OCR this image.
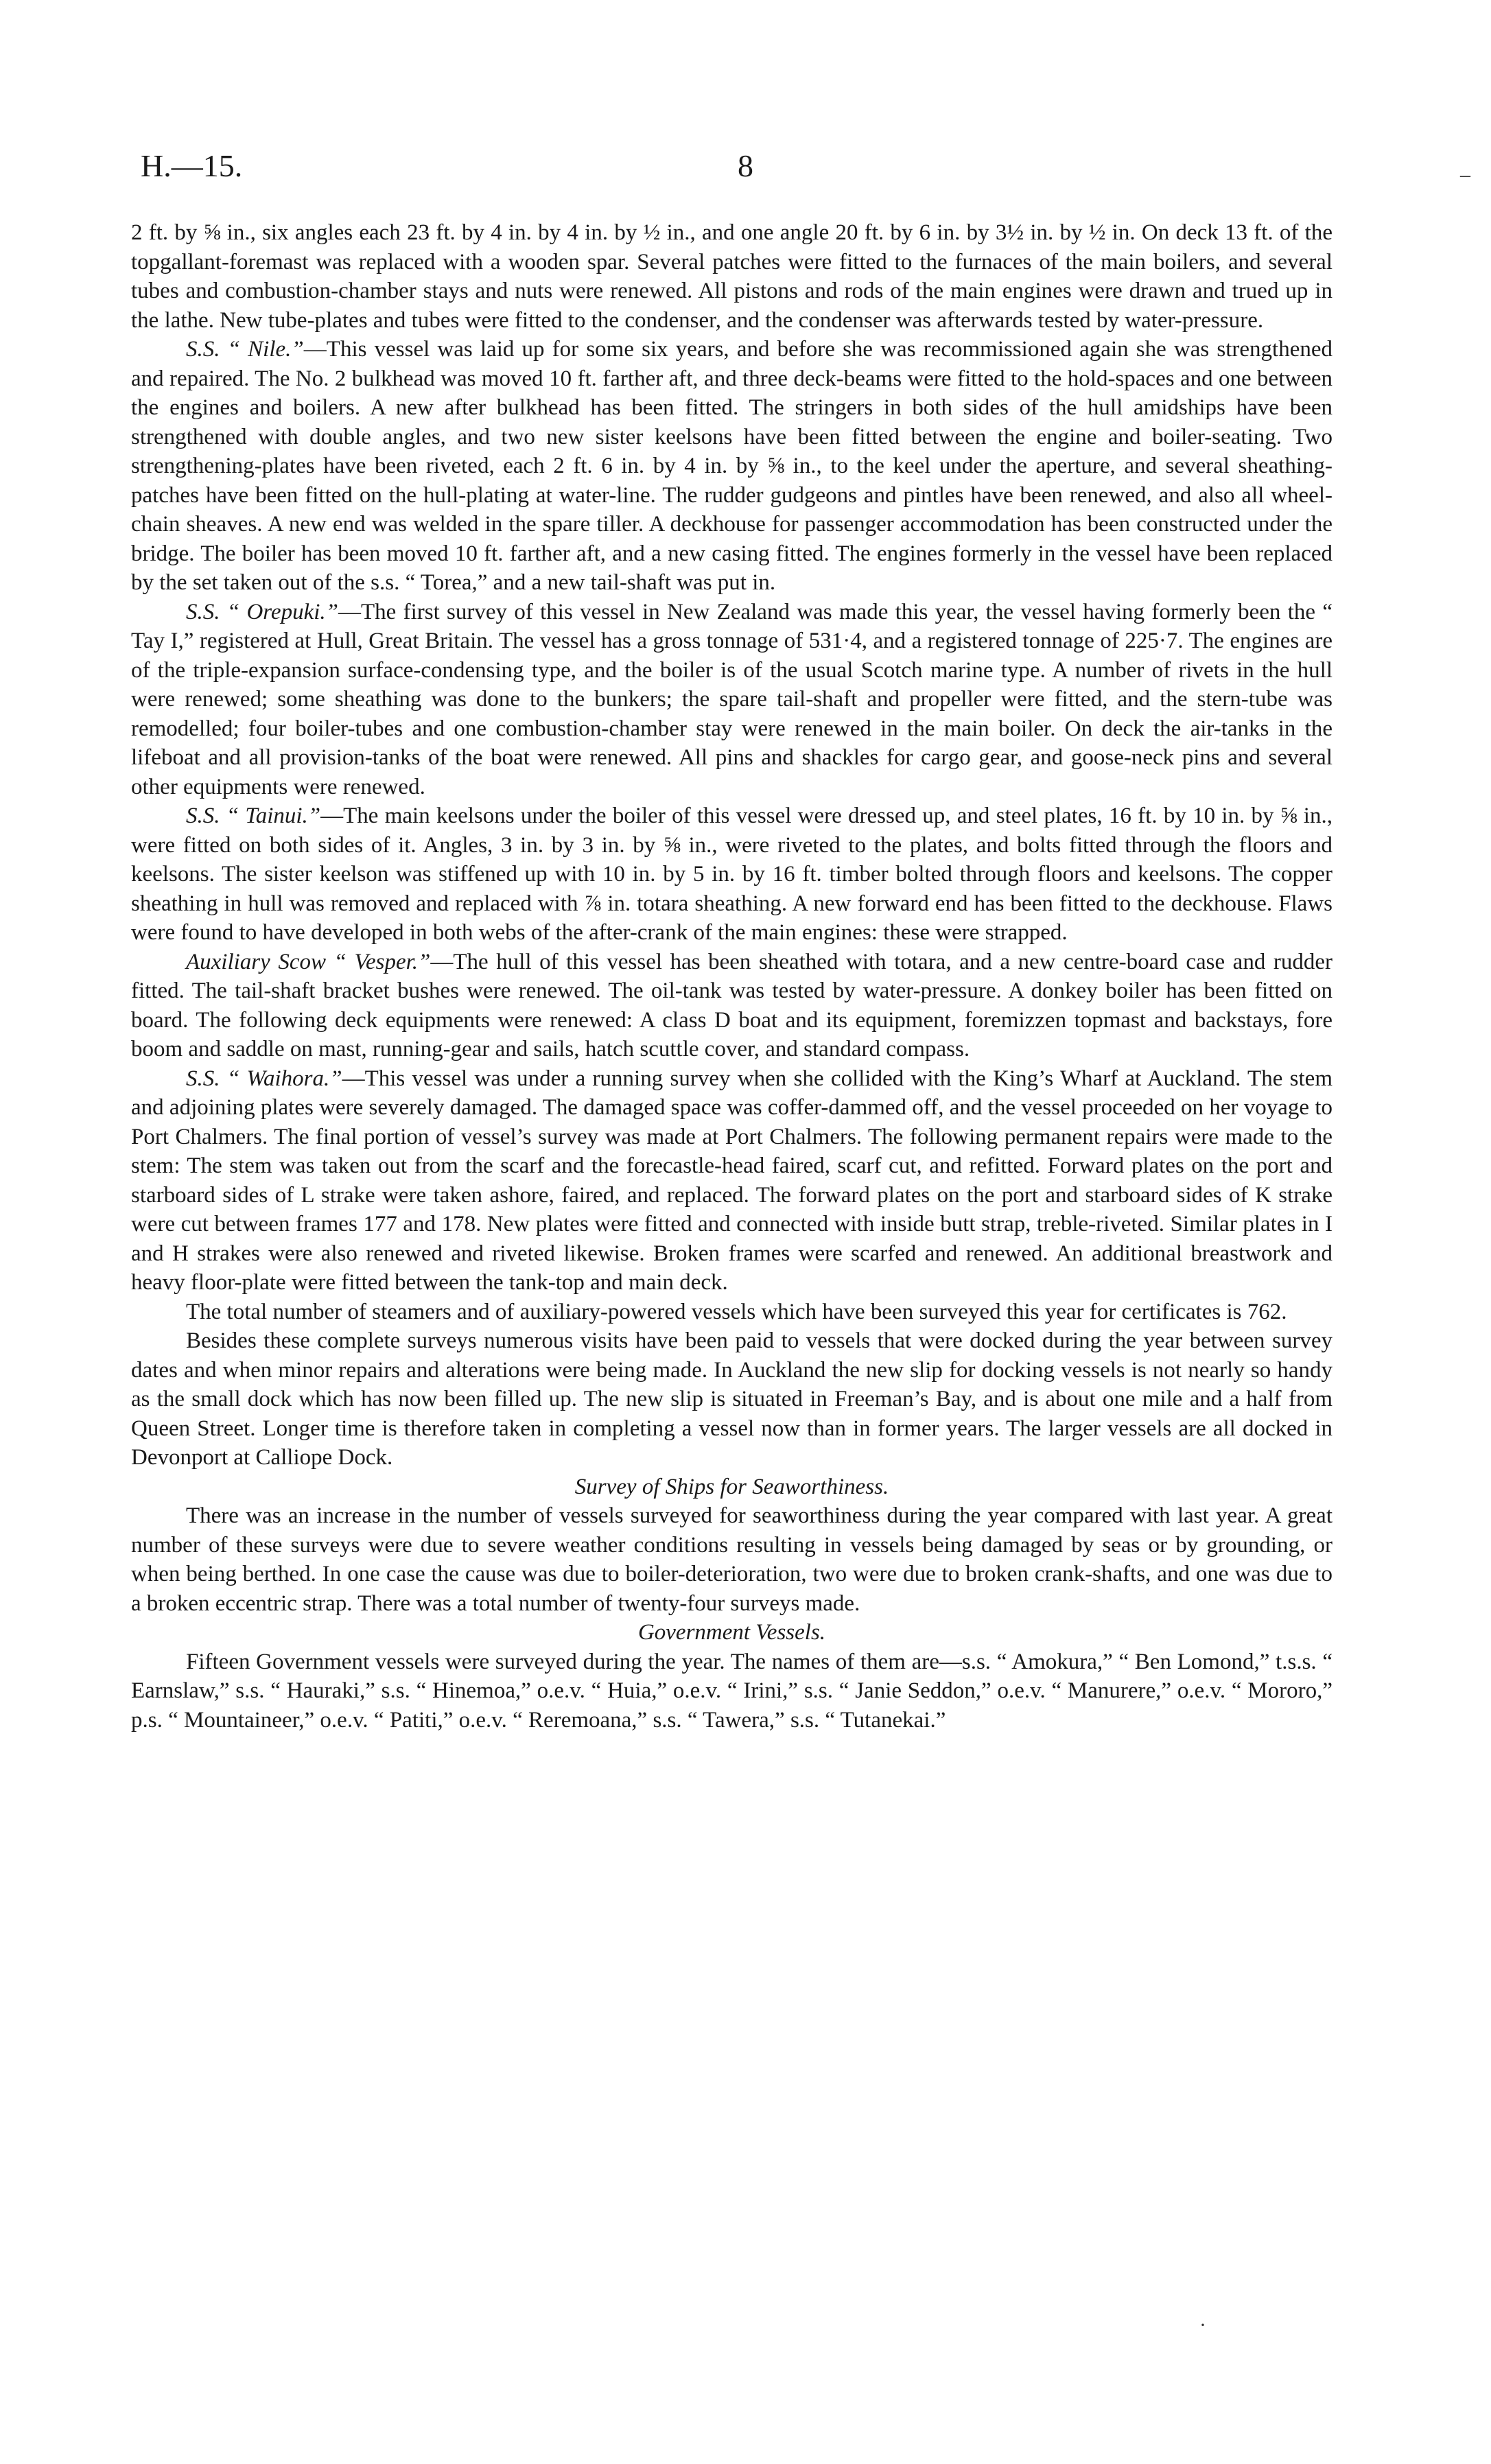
H.—15.	8	–

2 ft. by ⅝ in., six angles each 23 ft. by 4 in. by 4 in. by ½ in., and one angle 20 ft. by 6 in. by 3½ in. by ½ in. On deck 13 ft. of the topgallant-foremast was replaced with a wooden spar. Several patches were fitted to the furnaces of the main boilers, and several tubes and combustion-chamber stays and nuts were renewed. All pistons and rods of the main engines were drawn and trued up in the lathe. New tube-plates and tubes were fitted to the condenser, and the condenser was afterwards tested by water-pressure.

S.S. “ Nile.”—This vessel was laid up for some six years, and before she was recommissioned again she was strengthened and repaired. The No. 2 bulkhead was moved 10 ft. farther aft, and three deck-beams were fitted to the hold-spaces and one between the engines and boilers. A new after bulkhead has been fitted. The stringers in both sides of the hull amidships have been strengthened with double angles, and two new sister keelsons have been fitted between the engine and boiler-seating. Two strengthening-plates have been riveted, each 2 ft. 6 in. by 4 in. by ⅝ in., to the keel under the aperture, and several sheathing-patches have been fitted on the hull-plating at water-line. The rudder gudgeons and pintles have been renewed, and also all wheel-chain sheaves. A new end was welded in the spare tiller. A deckhouse for passenger accommodation has been constructed under the bridge. The boiler has been moved 10 ft. farther aft, and a new casing fitted. The engines formerly in the vessel have been replaced by the set taken out of the s.s. “ Torea,” and a new tail-shaft was put in.

S.S. “ Orepuki.”—The first survey of this vessel in New Zealand was made this year, the vessel having formerly been the “ Tay I,” registered at Hull, Great Britain. The vessel has a gross tonnage of 531·4, and a registered tonnage of 225·7. The engines are of the triple-expansion surface-condensing type, and the boiler is of the usual Scotch marine type. A number of rivets in the hull were renewed; some sheathing was done to the bunkers; the spare tail-shaft and propeller were fitted, and the stern-tube was remodelled; four boiler-tubes and one combustion-chamber stay were renewed in the main boiler. On deck the air-tanks in the lifeboat and all provision-tanks of the boat were renewed. All pins and shackles for cargo gear, and goose-neck pins and several other equipments were renewed.

S.S. “ Tainui.”—The main keelsons under the boiler of this vessel were dressed up, and steel plates, 16 ft. by 10 in. by ⅝ in., were fitted on both sides of it. Angles, 3 in. by 3 in. by ⅝ in., were riveted to the plates, and bolts fitted through the floors and keelsons. The sister keelson was stiffened up with 10 in. by 5 in. by 16 ft. timber bolted through floors and keelsons. The copper sheathing in hull was removed and replaced with ⅞ in. totara sheathing. A new forward end has been fitted to the deckhouse. Flaws were found to have developed in both webs of the after-crank of the main engines: these were strapped.

Auxiliary Scow “ Vesper.”—The hull of this vessel has been sheathed with totara, and a new centre-board case and rudder fitted. The tail-shaft bracket bushes were renewed. The oil-tank was tested by water-pressure. A donkey boiler has been fitted on board. The following deck equipments were renewed: A class D boat and its equipment, foremizzen topmast and backstays, fore boom and saddle on mast, running-gear and sails, hatch scuttle cover, and standard compass.

S.S. “ Waihora.”—This vessel was under a running survey when she collided with the King’s Wharf at Auckland. The stem and adjoining plates were severely damaged. The damaged space was coffer-dammed off, and the vessel proceeded on her voyage to Port Chalmers. The final portion of vessel’s survey was made at Port Chalmers. The following permanent repairs were made to the stem: The stem was taken out from the scarf and the forecastle-head faired, scarf cut, and refitted. Forward plates on the port and starboard sides of L strake were taken ashore, faired, and replaced. The forward plates on the port and starboard sides of K strake were cut between frames 177 and 178. New plates were fitted and connected with inside butt strap, treble-riveted. Similar plates in I and H strakes were also renewed and riveted likewise. Broken frames were scarfed and renewed. An additional breastwork and heavy floor-plate were fitted between the tank-top and main deck.

The total number of steamers and of auxiliary-powered vessels which have been surveyed this year for certificates is 762.

Besides these complete surveys numerous visits have been paid to vessels that were docked during the year between survey dates and when minor repairs and alterations were being made. In Auckland the new slip for docking vessels is not nearly so handy as the small dock which has now been filled up. The new slip is situated in Freeman’s Bay, and is about one mile and a half from Queen Street. Longer time is therefore taken in completing a vessel now than in former years. The larger vessels are all docked in Devonport at Calliope Dock.

Survey of Ships for Seaworthiness.

There was an increase in the number of vessels surveyed for seaworthiness during the year compared with last year. A great number of these surveys were due to severe weather conditions resulting in vessels being damaged by seas or by grounding, or when being berthed. In one case the cause was due to boiler-deterioration, two were due to broken crank-shafts, and one was due to a broken eccentric strap. There was a total number of twenty-four surveys made.

Government Vessels.

Fifteen Government vessels were surveyed during the year. The names of them are—s.s. “ Amokura,” “ Ben Lomond,” t.s.s. “ Earnslaw,” s.s. “ Hauraki,” s.s. “ Hinemoa,” o.e.v. “ Huia,” o.e.v. “ Irini,” s.s. “ Janie Seddon,” o.e.v. “ Manurere,” o.e.v. “ Mororo,” p.s. “ Mountaineer,” o.e.v. “ Patiti,” o.e.v. “ Reremoana,” s.s. “ Tawera,” s.s. “ Tutanekai.”

·
